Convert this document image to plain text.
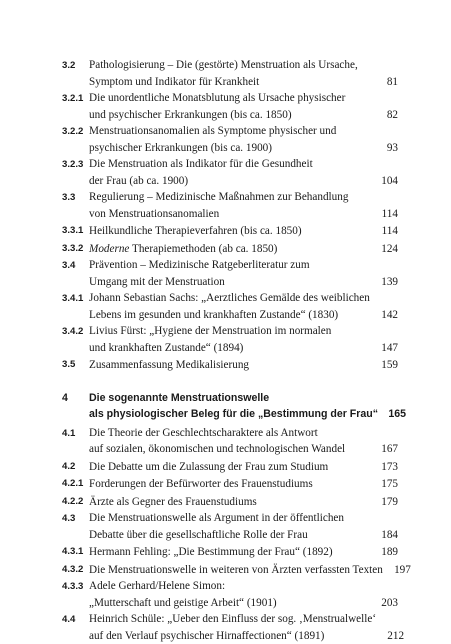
3.2	Pathologisierung – Die (gestörte) Menstruation als Ursache,
Symptom und Indikator für Krankheit	81
3.2.1 Die unordentliche Monatsblutung als Ursache physischer
und psychischer Erkrankungen (bis ca. 1850)	82
3.2.2 Menstruationsanomalien als Symptome physischer und
psychischer Erkrankungen (bis ca. 1900)	93
3.2.3 Die Menstruation als Indikator für die Gesundheit
der Frau (ab ca. 1900)	104
3.3	Regulierung – Medizinische Maßnahmen zur Behandlung
von Menstruationsanomalien	114
3.3.1 Heilkundliche Therapieverfahren (bis ca. 1850)	114
3.3.2 Moderne Therapiemethoden (ab ca. 1850)	124
3.4	Prävention – Medizinische Ratgeberliteratur zum
Umgang mit der Menstruation	139
3.4.1 Johann Sebastian Sachs: „Aerztliches Gemälde des weiblichen
Lebens im gesunden und krankhaften Zustande“ (1830)	142
3.4.2 Livius Fürst: „Hygiene der Menstruation im normalen
und krankhaften Zustande“ (1894)	147
3.5	Zusammenfassung Medikalisierung	159
4	Die sogenannte Menstruationswelle
als physiologischer Beleg für die „Bestimmung der Frau“ 165
4.1	Die Theorie der Geschlechtscharaktere als Antwort
auf sozialen, ökonomischen und technologischen Wandel	167
4.2	Die Debatte um die Zulassung der Frau zum Studium	173
4.2.1 Forderungen der Befürworter des Frauenstudiums	175
4.2.2 Ärzte als Gegner des Frauenstudiums	179
4.3	Die Menstruationswelle als Argument in der öffentlichen
Debatte über die gesellschaftliche Rolle der Frau	184
4.3.1 Hermann Fehling: „Die Bestimmung der Frau“ (1892)	189
4.3.2 Die Menstruationswelle in weiteren von Ärzten verfassten Texten 197
4.3.3 Adele Gerhard/Helene Simon:
„Mutterschaft und geistige Arbeit“ (1901)	203
4.4	Heinrich Schüle: „Ueber den Einfluss der sog. ‚Menstrualwelle‘
auf den Verlauf psychischer Hirnaffectionen“ (1891)	212
